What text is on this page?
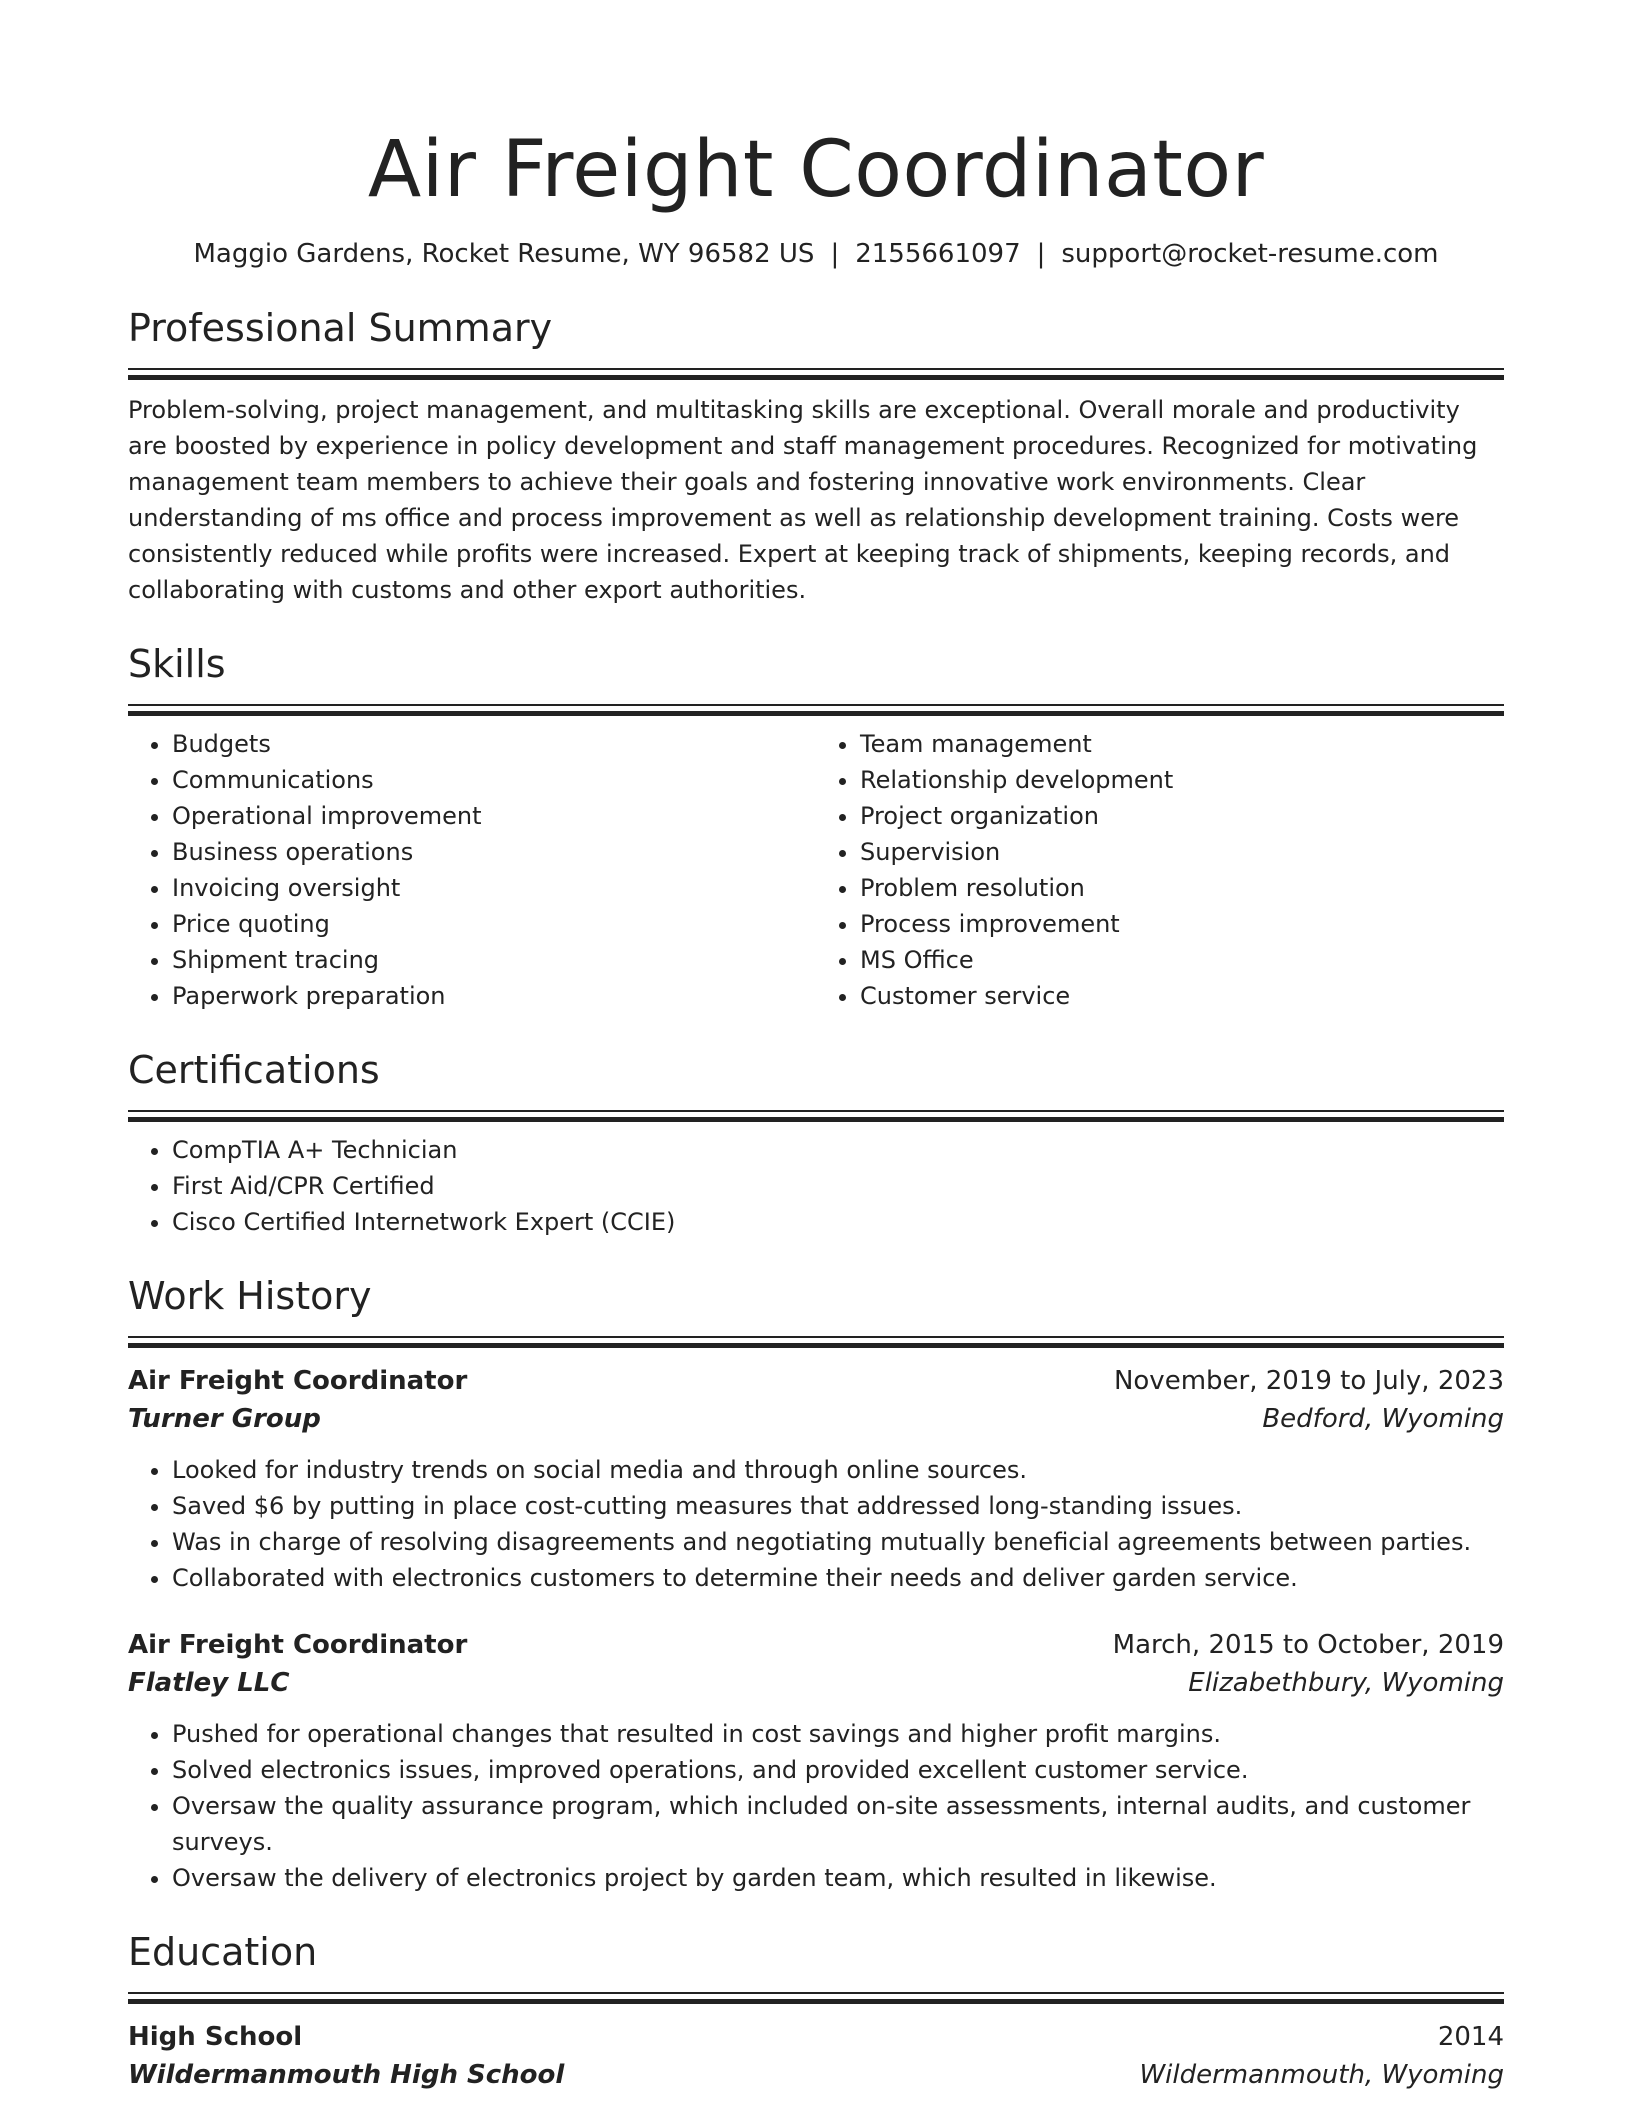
Air Freight Coordinator
Maggio Gardens, Rocket Resume, WY 96582 US | 2155661097 | support@rocket-resume.com
Professional Summary
Problem-solving, project management, and multitasking skills are exceptional. Overall morale and productivity are boosted by experience in policy development and staff management procedures. Recognized for motivating management team members to achieve their goals and fostering innovative work environments. Clear understanding of ms office and process improvement as well as relationship development training. Costs were consistently reduced while profits were increased. Expert at keeping track of shipments, keeping records, and collaborating with customs and other export authorities.
Skills
• Budgets
• Communications
• Operational improvement
• Business operations
• Invoicing oversight
• Price quoting
• Shipment tracing
• Paperwork preparation
• Team management
• Relationship development
• Project organization
• Supervision
• Problem resolution
• Process improvement
• MS Office
• Customer service
Certifications
• CompTIA A+ Technician
• First Aid/CPR Certified
• Cisco Certified Internetwork Expert (CCIE)
Work History
Air Freight Coordinator	November, 2019 to July, 2023
Turner Group	Bedford, Wyoming
• Looked for industry trends on social media and through online sources.
• Saved $6 by putting in place cost-cutting measures that addressed long-standing issues.
• Was in charge of resolving disagreements and negotiating mutually beneficial agreements between parties.
• Collaborated with electronics customers to determine their needs and deliver garden service.
Air Freight Coordinator	March, 2015 to October, 2019
Flatley LLC	Elizabethbury, Wyoming
• Pushed for operational changes that resulted in cost savings and higher profit margins.
• Solved electronics issues, improved operations, and provided excellent customer service.
• Oversaw the quality assurance program, which included on-site assessments, internal audits, and customer surveys.
• Oversaw the delivery of electronics project by garden team, which resulted in likewise.
Education
High School	2014
Wildermanmouth High School	Wildermanmouth, Wyoming
